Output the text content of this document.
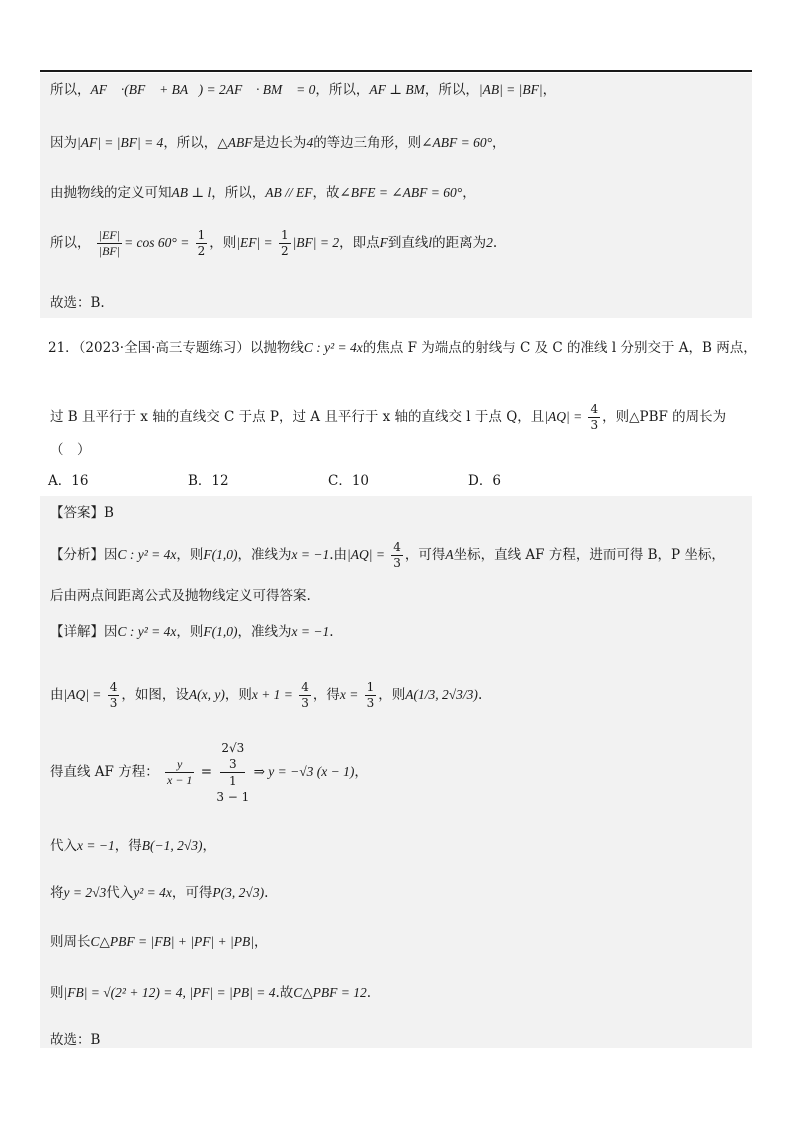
所以，AF⃗ ·(BF⃗ + BA⃗) = 2AF⃗ · BM⃗ = 0，所以，AF ⊥ BM，所以，|AB| = |BF|，
因为|AF| = |BF| = 4，所以，△ABF是边长为4的等边三角形，则∠ABF = 60°，
由抛物线的定义可知AB ⊥ l，所以，AB // EF，故∠BFE = ∠ABF = 60°，
所以， $\frac{|EF|}{|BF|} = \cos 60^\circ = \frac{1}{2}$ ，则$|EF| = \frac{1}{2} |BF| = 2$，即点F到直线l的距离为2.
故选：B.
21．（2023·全国·高三专题练习）以抛物线C : y² = 4x的焦点 F 为端点的射线与 C 及 C 的准线 l 分别交于 A，B 两点，
过 B 且平行于 x 轴的直线交 C 于点 P，过 A 且平行于 x 轴的直线交 l 于点 Q，且$|AQ| = \frac{4}{3}$ ，则△PBF 的周长为
（　）
A．16	B．12	C．10	D．6
【答案】B
【分析】因C : y² = 4x，则F(1,0)，准线为x = −1.由$|AQ| = \frac{4}{3}$ ，可得A坐标，直线 AF 方程，进而可得 B，P 坐标，
后由两点间距离公式及抛物线定义可得答案.
【详解】因C : y² = 4x，则F(1,0)，准线为x = −1.
由$|AQ| = \frac{4}{3}$ ，如图，设A(x, y)，则$x + 1 = \frac{4}{3}$ ，得$x = \frac{1}{3}$ ，则A(1/3, 2√3/3).
得直线 AF 方程： $\frac{y}{x - 1}$ =
2√3
3
1
3 − 1
⇒ y = −√3 (x − 1)，
代入x = −1，得B(−1, 2√3)，
将y = 2√3代入y² = 4x，可得P(3, 2√3).
则周长C△PBF = |FB| + |PF| + |PB|，
则|FB| = √(2² + 12) = 4, |PF| = |PB| = 4.故C△PBF = 12.
故选：B
